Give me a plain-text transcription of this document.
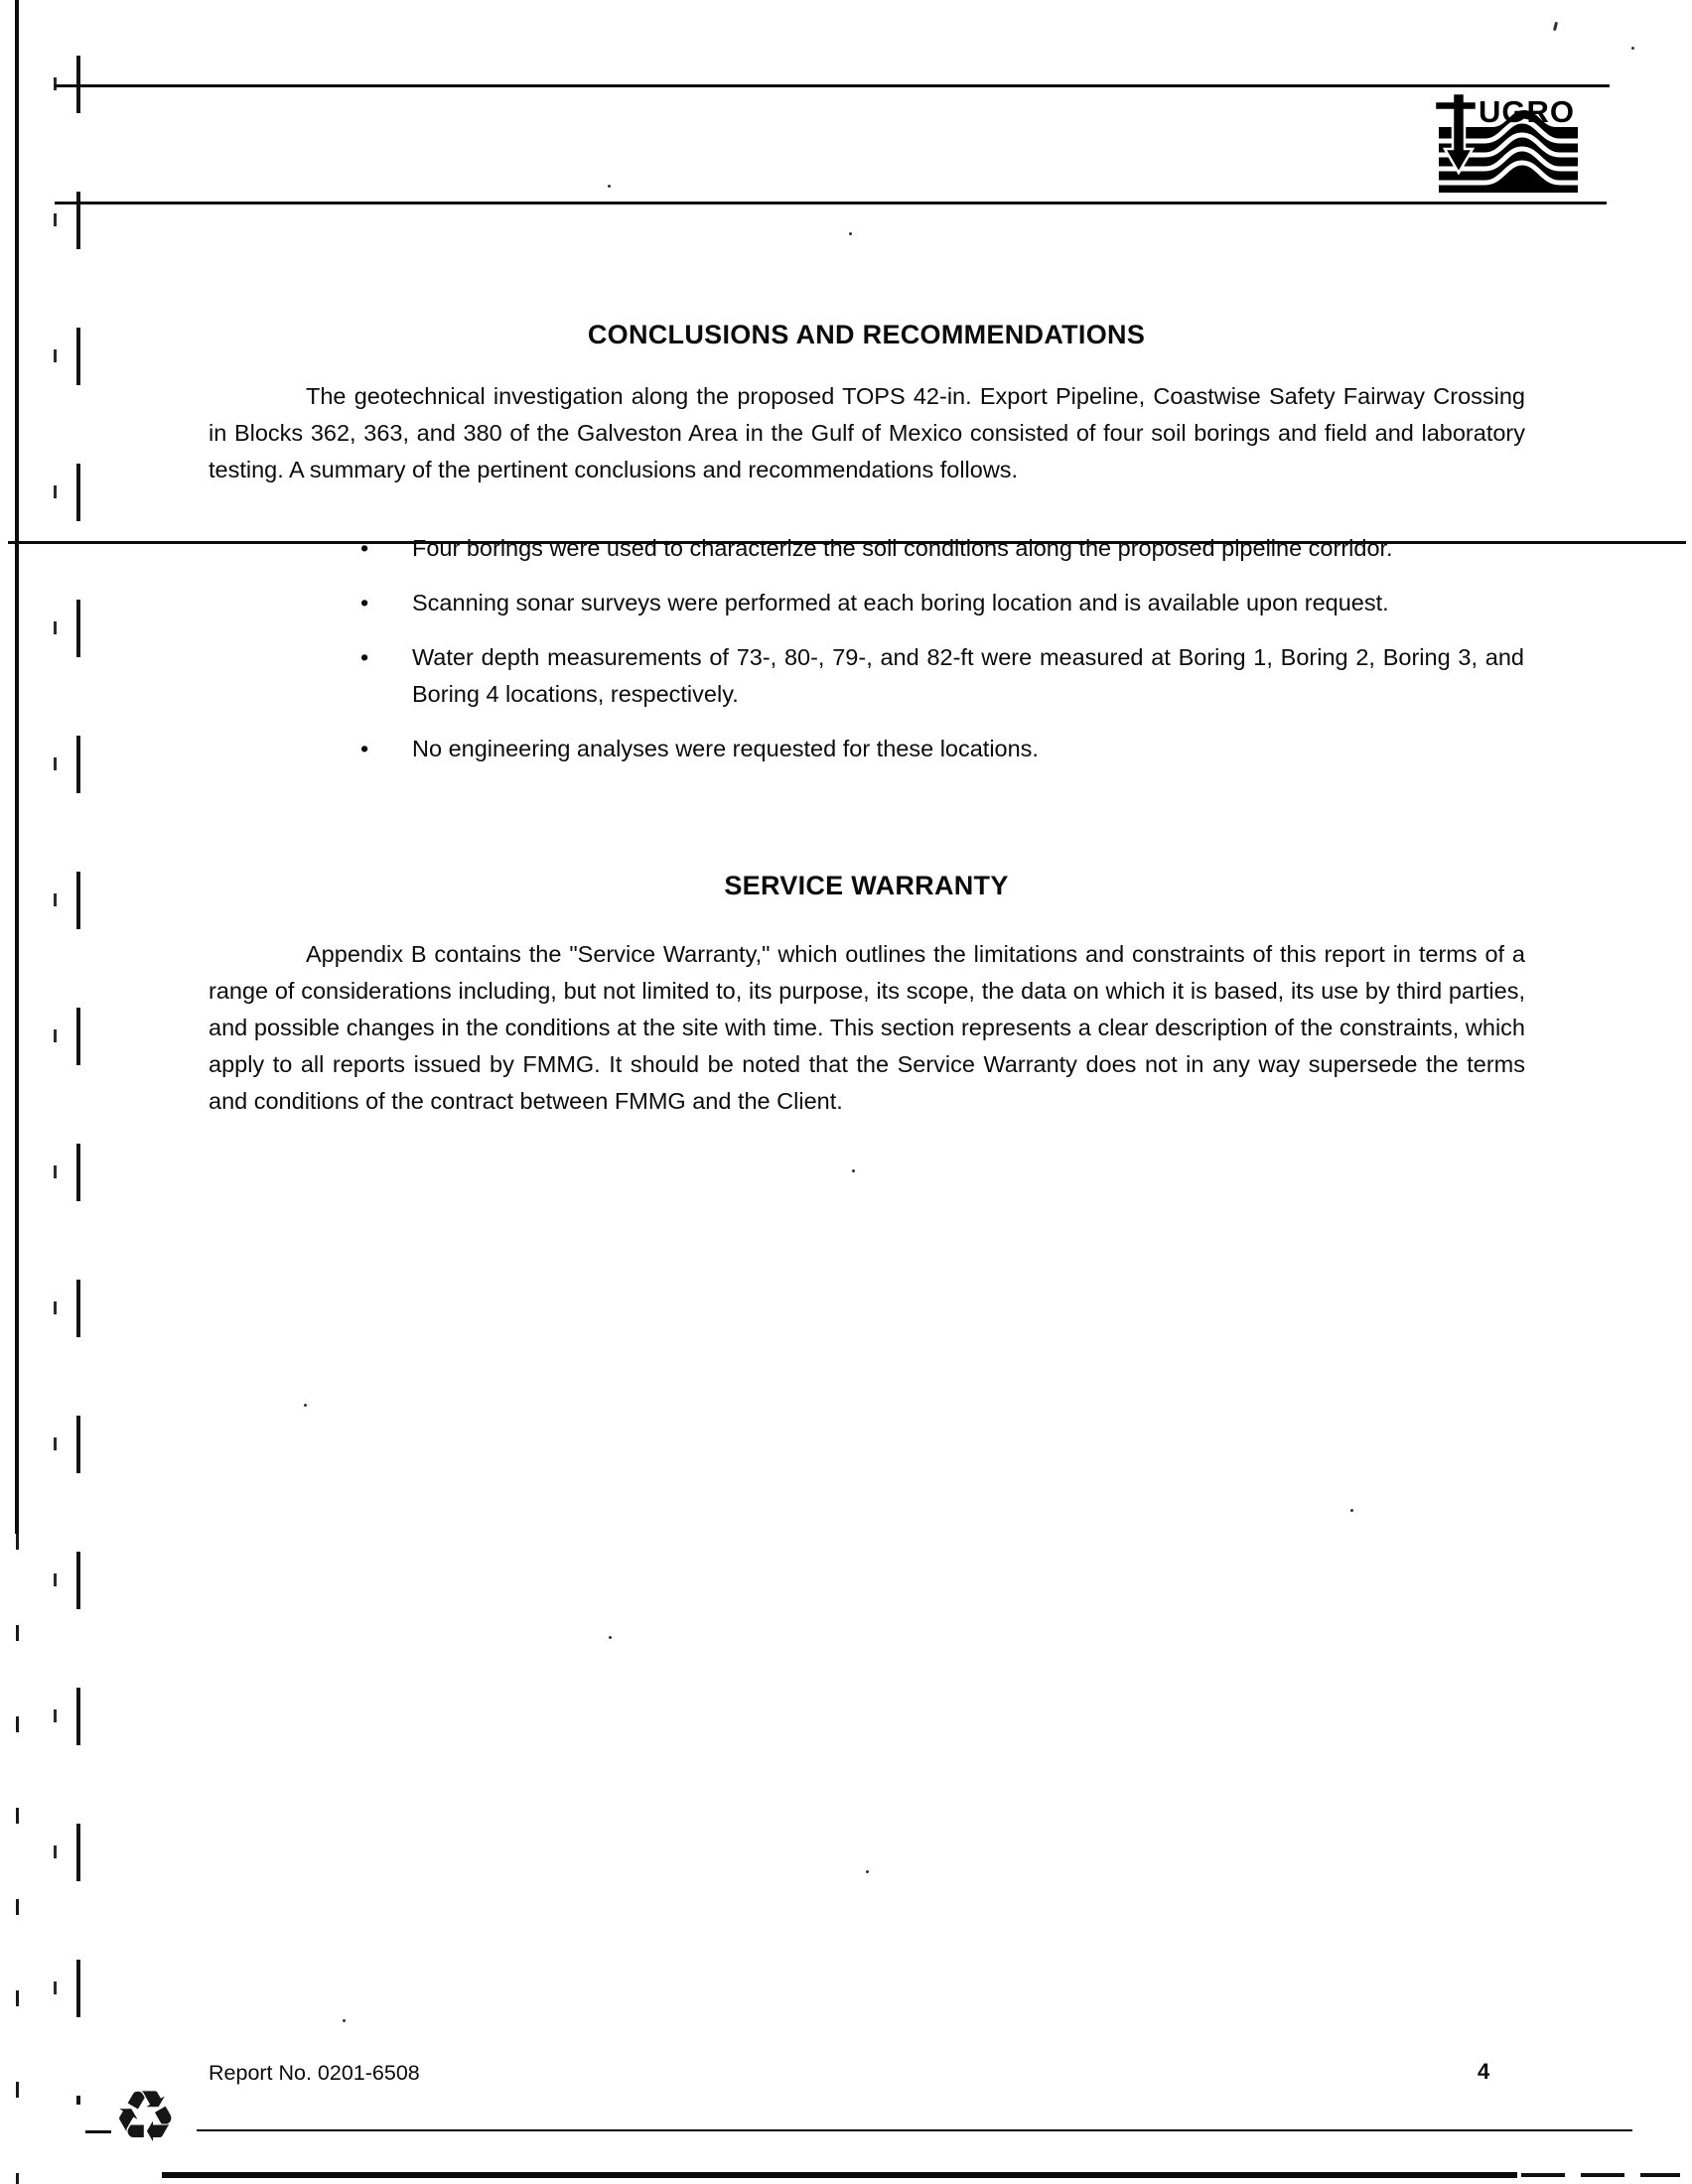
UGRO
CONCLUSIONS AND RECOMMENDATIONS
The geotechnical investigation along the proposed TOPS 42-in. Export Pipeline, Coastwise Safety Fairway Crossing in Blocks 362, 363, and 380 of the Galveston Area in the Gulf of Mexico consisted of four soil borings and field and laboratory testing. A summary of the pertinent conclusions and recommendations follows.
•	Four borings were used to characterize the soil conditions along the proposed pipeline corridor.
•	Scanning sonar surveys were performed at each boring location and is available upon request.
•	Water depth measurements of 73-, 80-, 79-, and 82-ft were measured at Boring 1, Boring 2, Boring 3, and Boring 4 locations, respectively.
•	No engineering analyses were requested for these locations.
SERVICE WARRANTY
Appendix B contains the "Service Warranty," which outlines the limitations and constraints of this report in terms of a range of considerations including, but not limited to, its purpose, its scope, the data on which it is based, its use by third parties, and possible changes in the conditions at the site with time. This section represents a clear description of the constraints, which apply to all reports issued by FMMG. It should be noted that the Service Warranty does not in any way supersede the terms and conditions of the contract between FMMG and the Client.
Report No. 0201-6508	4
♻
